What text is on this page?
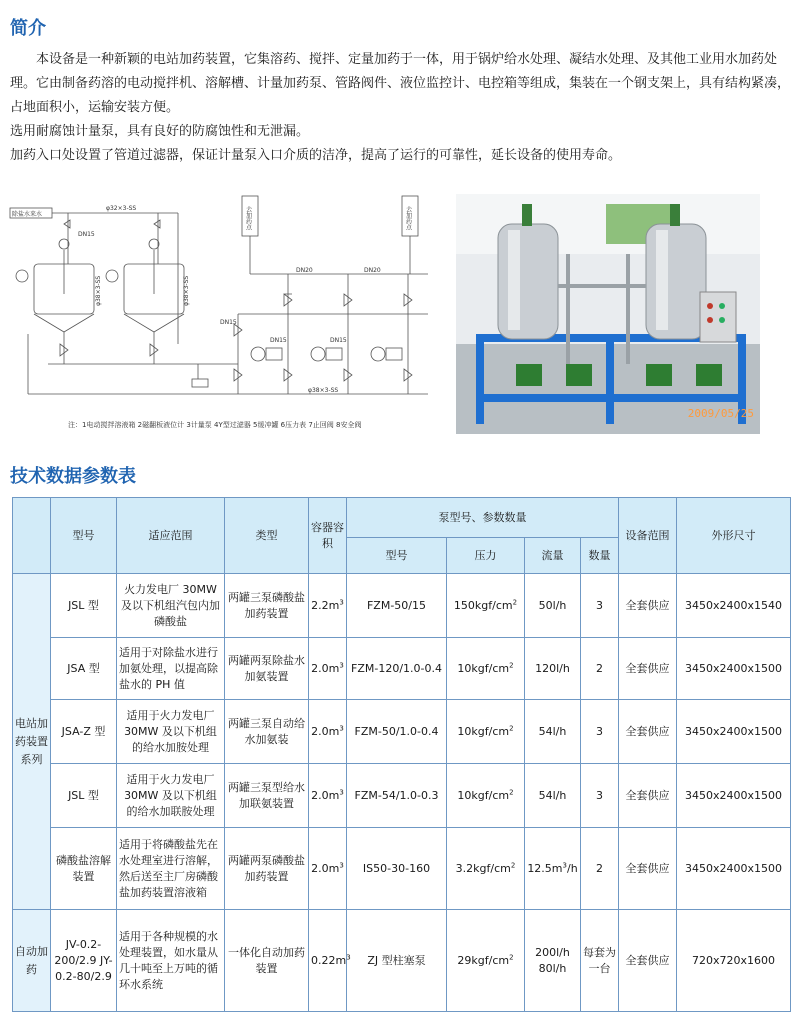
简介

本设备是一种新颖的电站加药装置，它集溶药、搅拌、定量加药于一体，用于锅炉给水处理、凝结水处理、及其他工业用水加药处理。它由制备药溶的电动搅拌机、溶解槽、计量加药泵、管路阀件、液位监控计、电控箱等组成，集装在一个钢支架上，具有结构紧凑，占地面积小，运输安装方便。

选用耐腐蚀计量泵，具有良好的防腐蚀性和无泄漏。

加药入口处设置了管道过滤器，保证计量泵入口介质的洁净，提高了运行的可靠性，延长设备的使用寿命。

除盐水来水
φ32×3-SS
φ38×3-SS	φ38×3-SS
φ38×3-SS
DN15
DN20	DN20
DN15
DN15	DN15
去加药点	去加药点
注：1电动搅拌溶液箱 2磁翻板液位计 3计量泵 4Y型过滤器 5缓冲罐 6压力表 7止回阀 8安全阀
2009/05/25
技术数据参数表
	型号	适应范围	类型	容器容积	泵型号、参数数量				设备范围	外形尺寸
					型号	压力	流量	数量		
电站加药装置系列	JSL 型	火力发电厂 30MW及以下机组汽包内加磷酸盐	两罐三泵磷酸盐加药装置	$2.2m^3$	FZM-50/15	$150kgf/cm^2$	50l/h	3	全套供应	3450x2400x1540
	JSA 型	适用于对除盐水进行加氨处理，以提高除盐水的 PH 值	两罐两泵除盐水加氨装置	$2.0m^3$	FZM-120/1.0-0.4	$10kgf/cm^2$	120l/h	2	全套供应	3450x2400x1500
	JSA-Z 型	适用于火力发电厂30MW 及以下机组的给水加胺处理	两罐三泵自动给水加氨装	$2.0m^3$	FZM-50/1.0-0.4	$10kgf/cm^2$	54l/h	3	全套供应	3450x2400x1500
	JSL 型	适用于火力发电厂30MW 及以下机组的给水加联胺处理	两罐三泵型给水加联氨装置	$2.0m^3$	FZM-54/1.0-0.3	$10kgf/cm^2$	54l/h	3	全套供应	3450x2400x1500
	磷酸盐溶解装置	适用于将磷酸盐先在水处理室进行溶解，然后送至主厂房磷酸盐加药装置溶液箱	两罐两泵磷酸盐加药装置	$2.0m^3$	IS50-30-160	$3.2kgf/cm^2$	$12.5m^3/h$	2	全套供应	3450x2400x1500
自动加药	JV-0.2-200/2.9 JY-0.2-80/2.9	适用于各种规模的水处理装置，如水量从几十吨至上万吨的循环水系统	一体化自动加药装置	$0.22m^3$	ZJ 型柱塞泵	$29kgf/cm^2$	200l/h 80l/h	每套为一台	全套供应	720x720x1600
